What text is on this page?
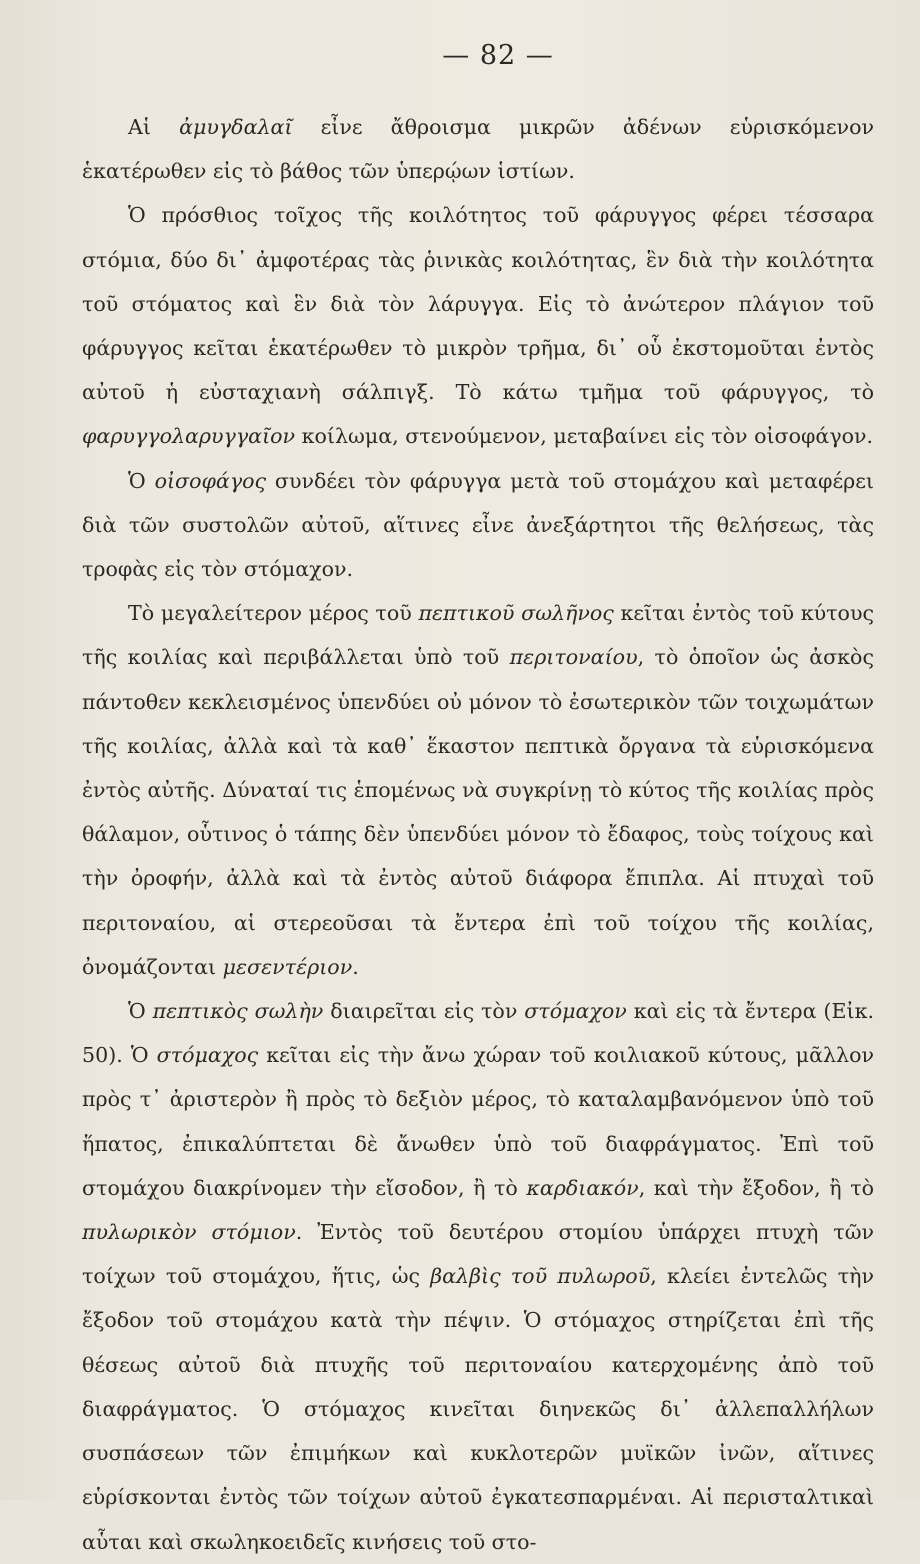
— 82 —

Αἱ ἀμυγδαλαῖ εἶνε ἄθροισμα μικρῶν ἀδένων εὑρισκόμενον ἑκατέρωθεν εἰς τὸ βάθος τῶν ὑπερῴων ἱστίων.

Ὁ πρόσθιος τοῖχος τῆς κοιλότητος τοῦ φάρυγγος φέρει τέσσαρα στόμια, δύο δι᾽ ἀμφοτέρας τὰς ῥινικὰς κοιλότητας, ἓν διὰ τὴν κοιλότητα τοῦ στόματος καὶ ἓν διὰ τὸν λάρυγγα. Εἰς τὸ ἀνώτερον πλάγιον τοῦ φάρυγγος κεῖται ἑκατέρωθεν τὸ μικρὸν τρῆμα, δι᾽ οὗ ἐκστομοῦται ἐντὸς αὐτοῦ ἡ εὐσταχιανὴ σάλπιγξ. Τὸ κάτω τμῆμα τοῦ φάρυγγος, τὸ φαρυγγολαρυγγαῖον κοίλωμα, στενούμενον, μεταβαίνει εἰς τὸν οἰσοφάγον.

Ὁ οἰσοφάγος συνδέει τὸν φάρυγγα μετὰ τοῦ στομάχου καὶ μεταφέρει διὰ τῶν συστολῶν αὐτοῦ, αἵτινες εἶνε ἀνεξάρτητοι τῆς θελήσεως, τὰς τροφὰς εἰς τὸν στόμαχον.

Τὸ μεγαλείτερον μέρος τοῦ πεπτικοῦ σωλῆνος κεῖται ἐντὸς τοῦ κύτους τῆς κοιλίας καὶ περιβάλλεται ὑπὸ τοῦ περιτοναίου, τὸ ὁποῖον ὡς ἀσκὸς πάντοθεν κεκλεισμένος ὑπενδύει οὐ μόνον τὸ ἐσωτερικὸν τῶν τοιχωμάτων τῆς κοιλίας, ἀλλὰ καὶ τὰ καθ᾽ ἕκαστον πεπτικὰ ὄργανα τὰ εὑρισκόμενα ἐντὸς αὐτῆς. Δύναταί τις ἑπομένως νὰ συγκρίνῃ τὸ κύτος τῆς κοιλίας πρὸς θάλαμον, οὗτινος ὁ τάπης δὲν ὑπενδύει μόνον τὸ ἔδαφος, τοὺς τοίχους καὶ τὴν ὀροφήν, ἀλλὰ καὶ τὰ ἐντὸς αὐτοῦ διάφορα ἔπιπλα. Αἱ πτυχαὶ τοῦ περιτοναίου, αἱ στερεοῦσαι τὰ ἔντερα ἐπὶ τοῦ τοίχου τῆς κοιλίας, ὀνομάζονται μεσεντέριον.

Ὁ πεπτικὸς σωλὴν διαιρεῖται εἰς τὸν στόμαχον καὶ εἰς τὰ ἔντερα (Εἰκ. 50). Ὁ στόμαχος κεῖται εἰς τὴν ἄνω χώραν τοῦ κοιλιακοῦ κύτους, μᾶλλον πρὸς τ᾽ ἀριστερὸν ἢ πρὸς τὸ δεξιὸν μέρος, τὸ καταλαμβανόμενον ὑπὸ τοῦ ἥπατος, ἐπικαλύπτεται δὲ ἄνωθεν ὑπὸ τοῦ διαφράγματος. Ἐπὶ τοῦ στομάχου διακρίνομεν τὴν εἴσοδον, ἢ τὸ καρδιακόν, καὶ τὴν ἔξοδον, ἢ τὸ πυλωρικὸν στόμιον. Ἐντὸς τοῦ δευτέρου στομίου ὑπάρχει πτυχὴ τῶν τοίχων τοῦ στομάχου, ἥτις, ὡς βαλβὶς τοῦ πυλωροῦ, κλείει ἐντελῶς τὴν ἔξοδον τοῦ στομάχου κατὰ τὴν πέψιν. Ὁ στόμαχος στηρίζεται ἐπὶ τῆς θέσεως αὐτοῦ διὰ πτυχῆς τοῦ περιτοναίου κατερχομένης ἀπὸ τοῦ διαφράγματος. Ὁ στόμαχος κινεῖται διηνεκῶς δι᾽ ἀλλεπαλλήλων συσπάσεων τῶν ἐπιμήκων καὶ κυκλοτερῶν μυϊκῶν ἰνῶν, αἵτινες εὑρίσκονται ἐντὸς τῶν τοίχων αὐτοῦ ἐγκατεσπαρμέναι. Αἱ περισταλτικαὶ αὗται καὶ σκωληκοειδεῖς κινήσεις τοῦ στο-
